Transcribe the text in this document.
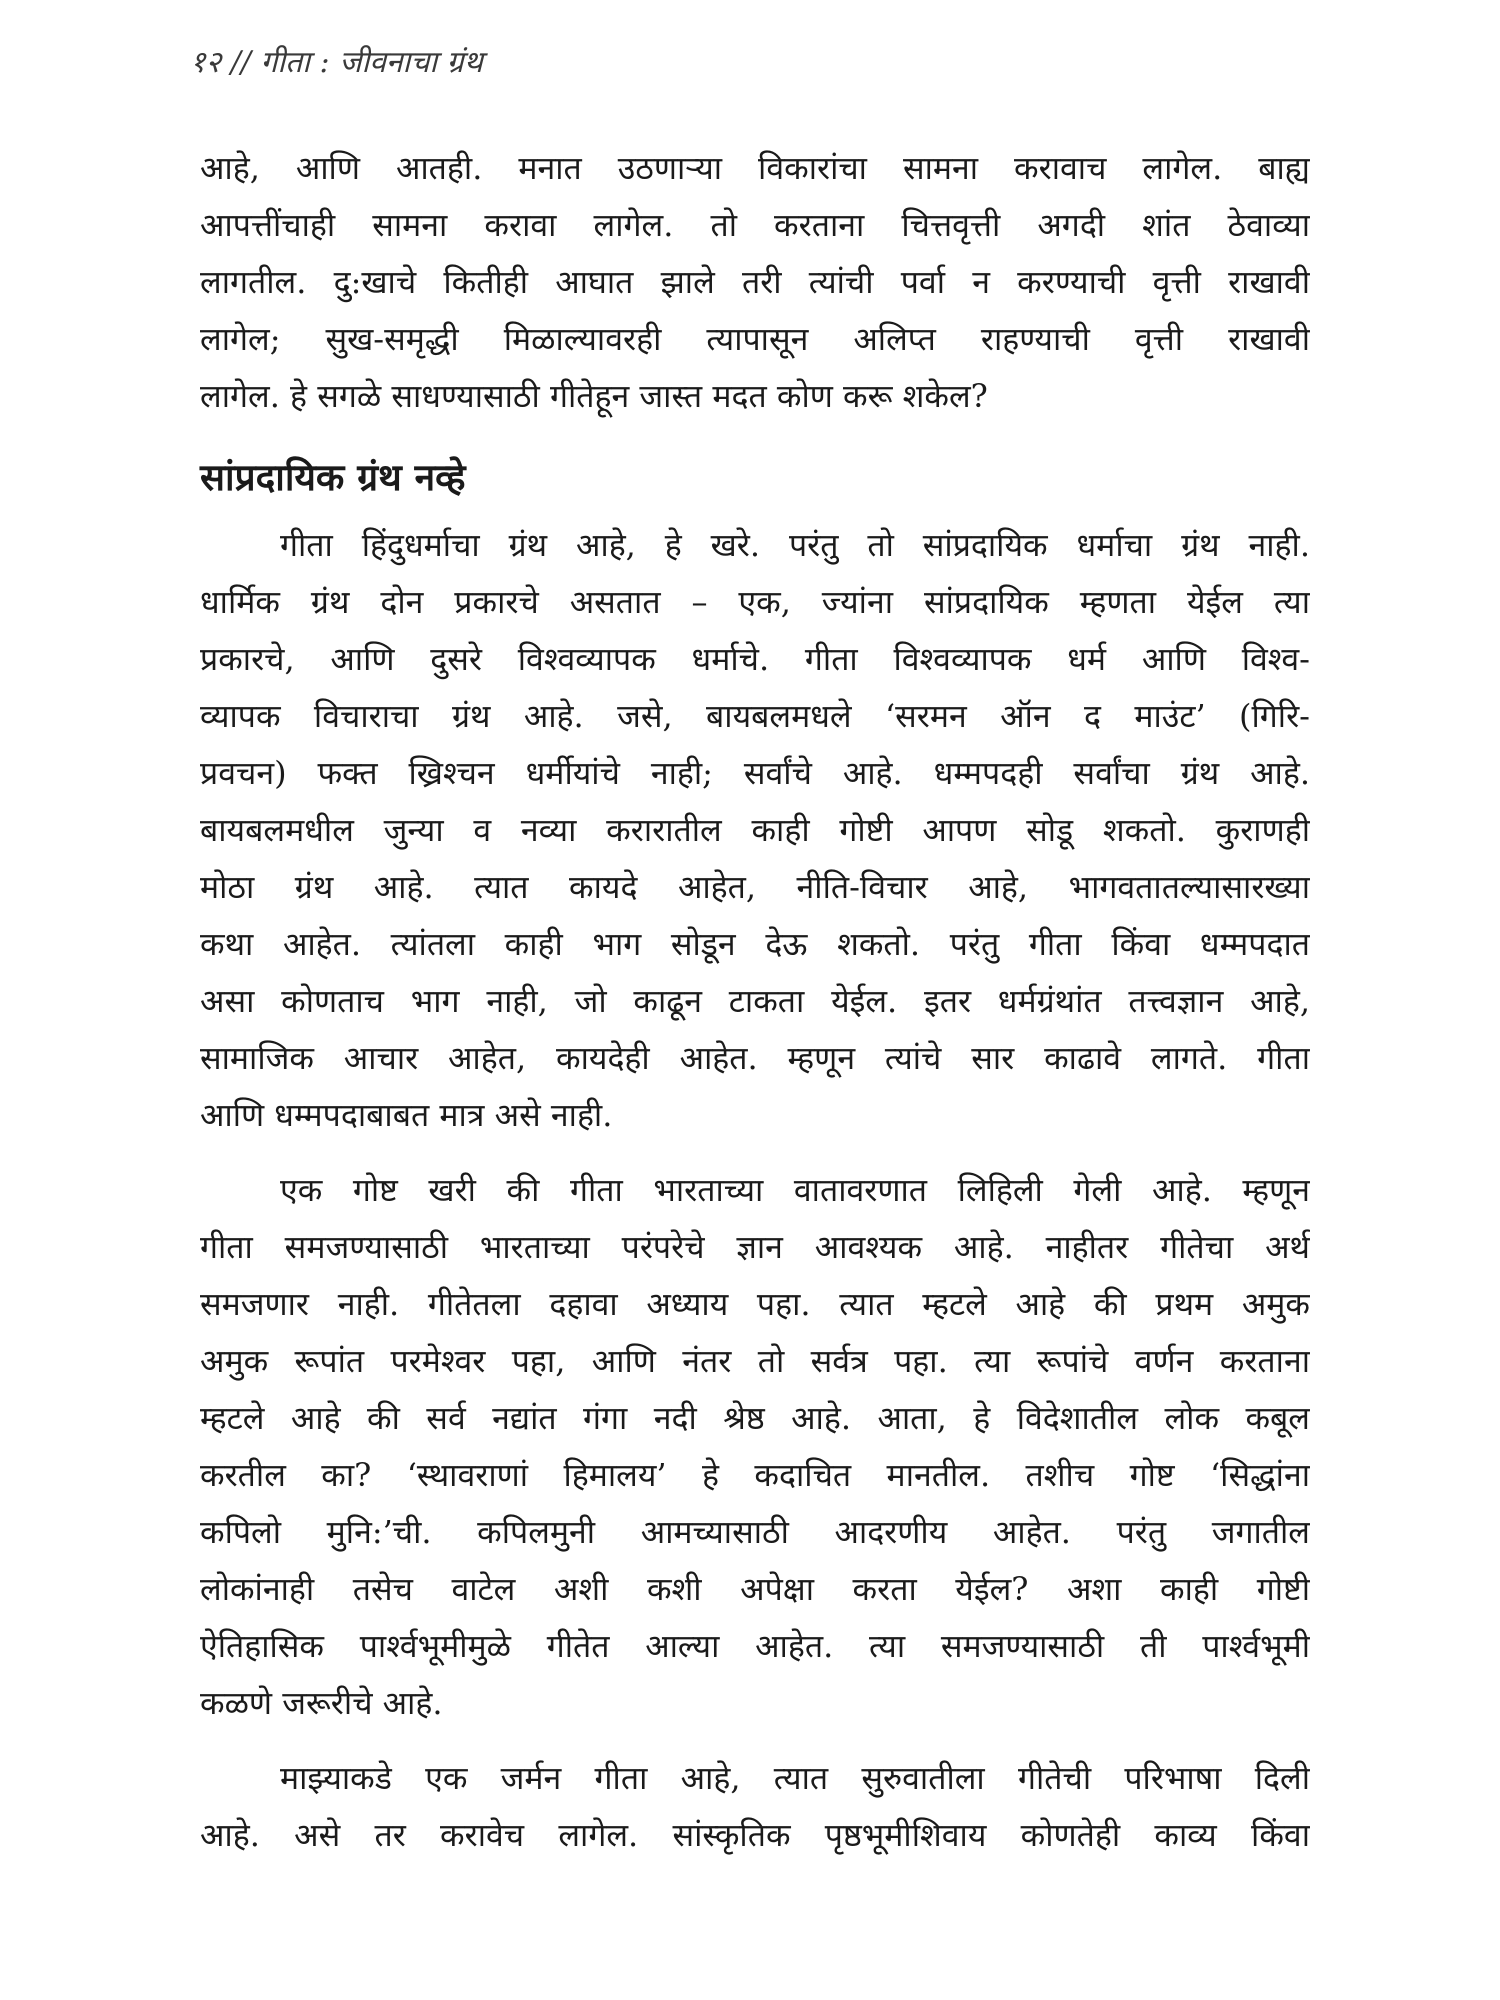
१२ // गीता : जीवनाचा ग्रंथ
आहे, आणि आतही. मनात उठणाऱ्या विकारांचा सामना करावाच लागेल. बाह्य
आपत्तींचाही सामना करावा लागेल. तो करताना चित्तवृत्ती अगदी शांत ठेवाव्या
लागतील. दु:खाचे कितीही आघात झाले तरी त्यांची पर्वा न करण्याची वृत्ती राखावी
लागेल; सुख-समृद्धी मिळाल्यावरही त्यापासून अलिप्त राहण्याची वृत्ती राखावी
लागेल. हे सगळे साधण्यासाठी गीतेहून जास्त मदत कोण करू शकेल?
सांप्रदायिक ग्रंथ नव्हे
गीता हिंदुधर्माचा ग्रंथ आहे, हे खरे. परंतु तो सांप्रदायिक धर्माचा ग्रंथ नाही.
धार्मिक ग्रंथ दोन प्रकारचे असतात – एक, ज्यांना सांप्रदायिक म्हणता येईल त्या
प्रकारचे, आणि दुसरे विश्वव्यापक धर्माचे. गीता विश्वव्यापक धर्म आणि विश्व-
व्यापक विचाराचा ग्रंथ आहे. जसे, बायबलमधले ‘सरमन ऑन द माउंट’ (गिरि-
प्रवचन) फक्त ख्रिश्चन धर्मीयांचे नाही; सर्वांचे आहे. धम्मपदही सर्वांचा ग्रंथ आहे.
बायबलमधील जुन्या व नव्या करारातील काही गोष्टी आपण सोडू शकतो. कुराणही
मोठा ग्रंथ आहे. त्यात कायदे आहेत, नीति-विचार आहे, भागवतातल्यासारख्या
कथा आहेत. त्यांतला काही भाग सोडून देऊ शकतो. परंतु गीता किंवा धम्मपदात
असा कोणताच भाग नाही, जो काढून टाकता येईल. इतर धर्मग्रंथांत तत्त्वज्ञान आहे,
सामाजिक आचार आहेत, कायदेही आहेत. म्हणून त्यांचे सार काढावे लागते. गीता
आणि धम्मपदाबाबत मात्र असे नाही.
एक गोष्ट खरी की गीता भारताच्या वातावरणात लिहिली गेली आहे. म्हणून
गीता समजण्यासाठी भारताच्या परंपरेचे ज्ञान आवश्यक आहे. नाहीतर गीतेचा अर्थ
समजणार नाही. गीतेतला दहावा अध्याय पहा. त्यात म्हटले आहे की प्रथम अमुक
अमुक रूपांत परमेश्वर पहा, आणि नंतर तो सर्वत्र पहा. त्या रूपांचे वर्णन करताना
म्हटले आहे की सर्व नद्यांत गंगा नदी श्रेष्ठ आहे. आता, हे विदेशातील लोक कबूल
करतील का? ‘स्थावराणां हिमालय’ हे कदाचित मानतील. तशीच गोष्ट ‘सिद्धांना
कपिलो मुनि:’ची. कपिलमुनी आमच्यासाठी आदरणीय आहेत. परंतु जगातील
लोकांनाही तसेच वाटेल अशी कशी अपेक्षा करता येईल? अशा काही गोष्टी
ऐतिहासिक पार्श्वभूमीमुळे गीतेत आल्या आहेत. त्या समजण्यासाठी ती पार्श्वभूमी
कळणे जरूरीचे आहे.
माझ्याकडे एक जर्मन गीता आहे, त्यात सुरुवातीला गीतेची परिभाषा दिली
आहे. असे तर करावेच लागेल. सांस्कृतिक पृष्ठभूमीशिवाय कोणतेही काव्य किंवा
